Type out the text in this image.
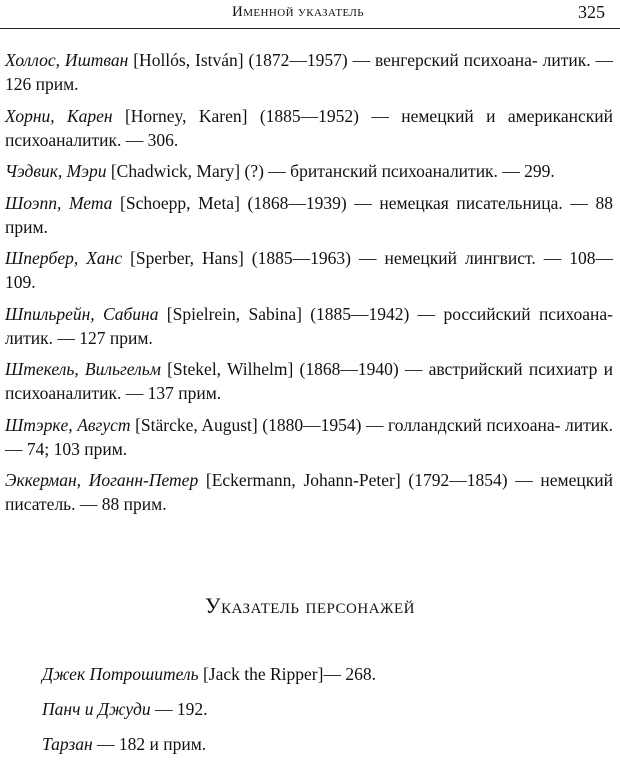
Именной указатель	325

Холлос, Иштван [Hollós, István] (1872—1957) — венгерский психоана- литик. — 126 прим.

Хорни, Карен [Horney, Karen] (1885—1952) — немецкий и американский психоаналитик. — 306.

Чэдвик, Мэри [Chadwick, Mary] (?) — британский психоаналитик. — 299.

Шоэпп, Мета [Schoepp, Meta] (1868—1939) — немецкая писательница. — 88 прим.

Шпербер, Ханс [Sperber, Hans] (1885—1963) — немецкий лингвист. — 108— 109.

Шпильрейн, Сабина [Spielrein, Sabina] (1885—1942) — российский психоана- литик. — 127 прим.

Штекель, Вильгельм [Stekel, Wilhelm] (1868—1940) — австрийский психиатр и психоаналитик. — 137 прим.

Штэркe, Август [Stärcke, August] (1880—1954) — голландский психоана- литик. — 74; 103 прим.

Эккерман, Иоганн-Петер [Eckermann, Johann-Peter] (1792—1854) — немецкий писатель. — 88 прим.

Указатель персонажей

Джек Потрошитель [Jack the Ripper]— 268.

Панч и Джуди — 192.

Тарзан — 182 и прим.
